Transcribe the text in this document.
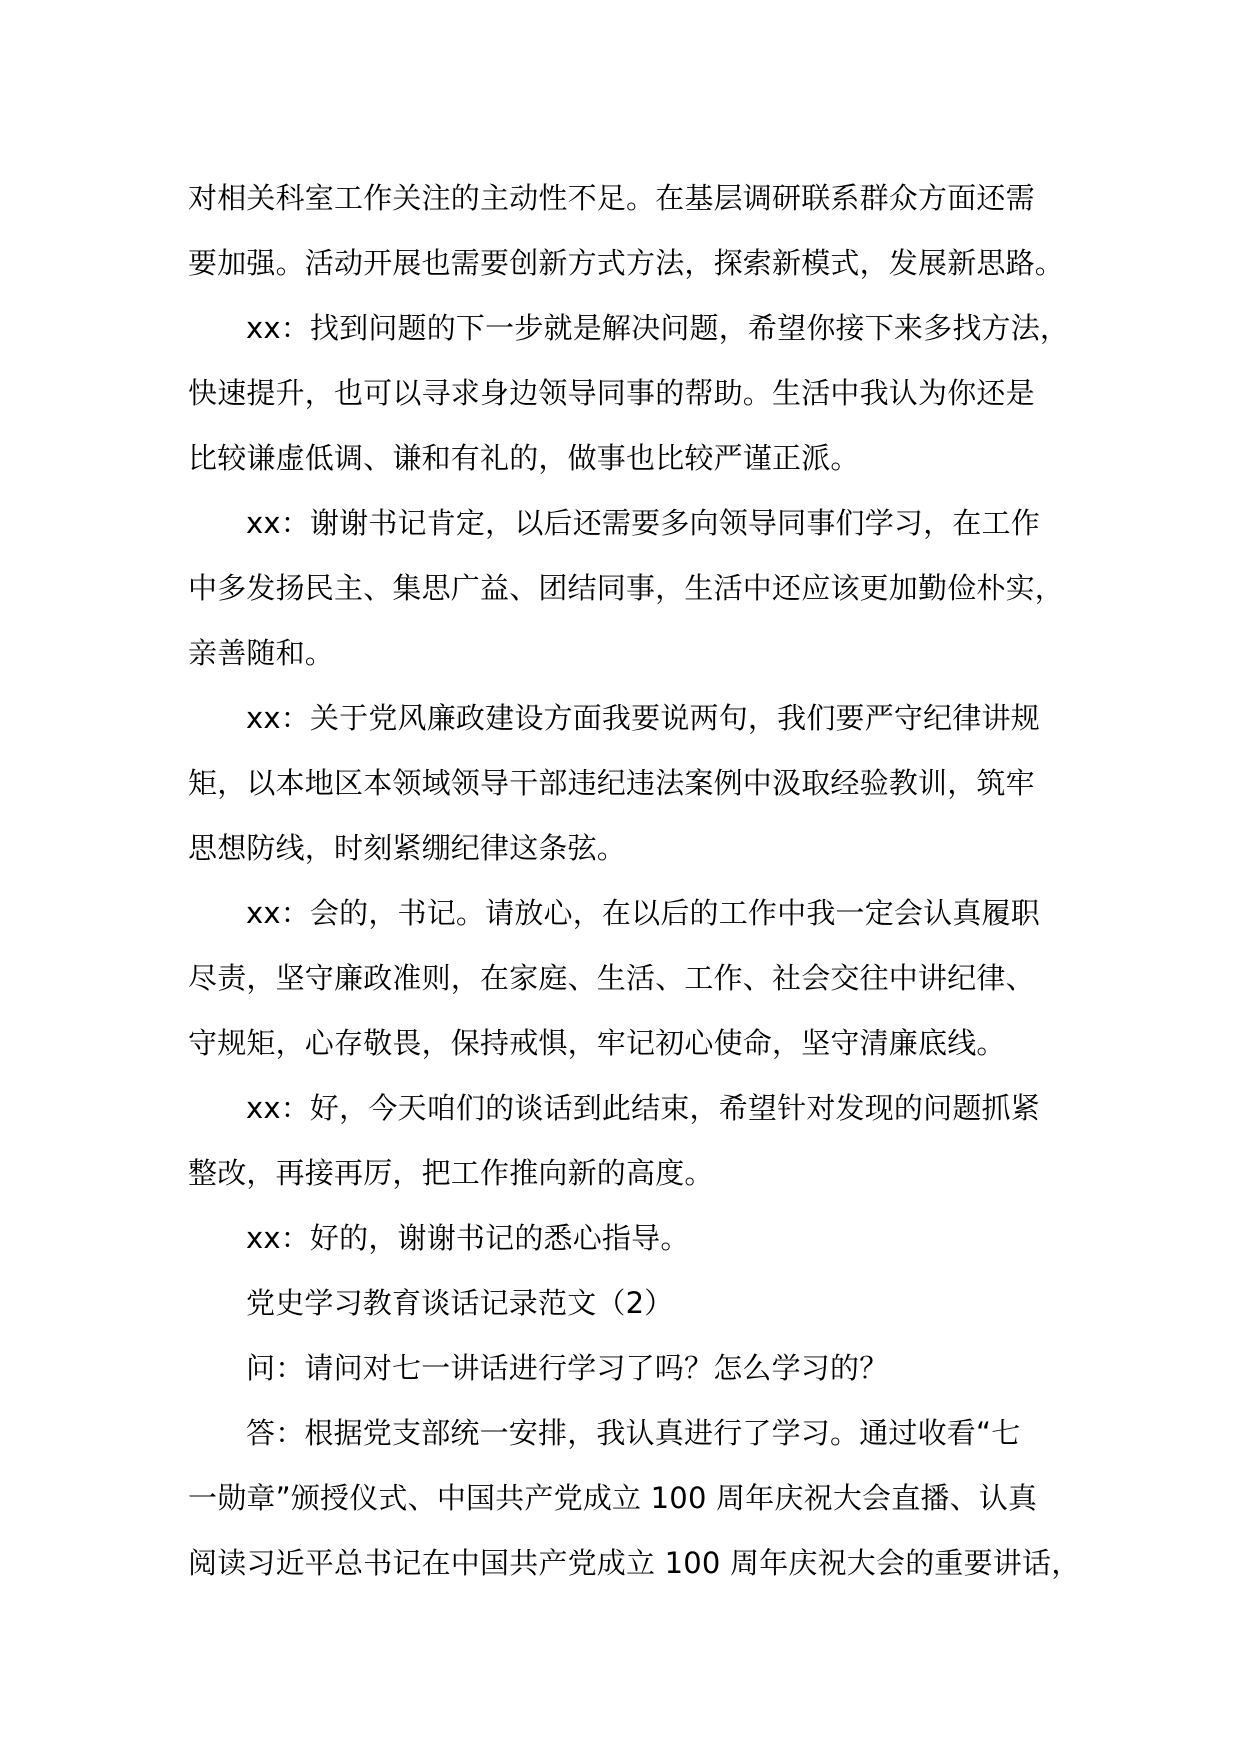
对相关科室工作关注的主动性不足。在基层调研联系群众方面还需
要加强。活动开展也需要创新方式方法，探索新模式，发展新思路。
xx：找到问题的下一步就是解决问题，希望你接下来多找方法，
快速提升，也可以寻求身边领导同事的帮助。生活中我认为你还是
比较谦虚低调、谦和有礼的，做事也比较严谨正派。
xx：谢谢书记肯定，以后还需要多向领导同事们学习，在工作
中多发扬民主、集思广益、团结同事，生活中还应该更加勤俭朴实，
亲善随和。
xx：关于党风廉政建设方面我要说两句，我们要严守纪律讲规
矩，以本地区本领域领导干部违纪违法案例中汲取经验教训，筑牢
思想防线，时刻紧绷纪律这条弦。
xx：会的，书记。请放心，在以后的工作中我一定会认真履职
尽责，坚守廉政准则，在家庭、生活、工作、社会交往中讲纪律、
守规矩，心存敬畏，保持戒惧，牢记初心使命，坚守清廉底线。
xx：好，今天咱们的谈话到此结束，希望针对发现的问题抓紧
整改，再接再厉，把工作推向新的高度。
xx：好的，谢谢书记的悉心指导。
党史学习教育谈话记录范文（2）
问：请问对七一讲话进行学习了吗？怎么学习的？
答：根据党支部统一安排，我认真进行了学习。通过收看“七
一勋章”颁授仪式、中国共产党成立 100 周年庆祝大会直播、认真
阅读习近平总书记在中国共产党成立 100 周年庆祝大会的重要讲话，
